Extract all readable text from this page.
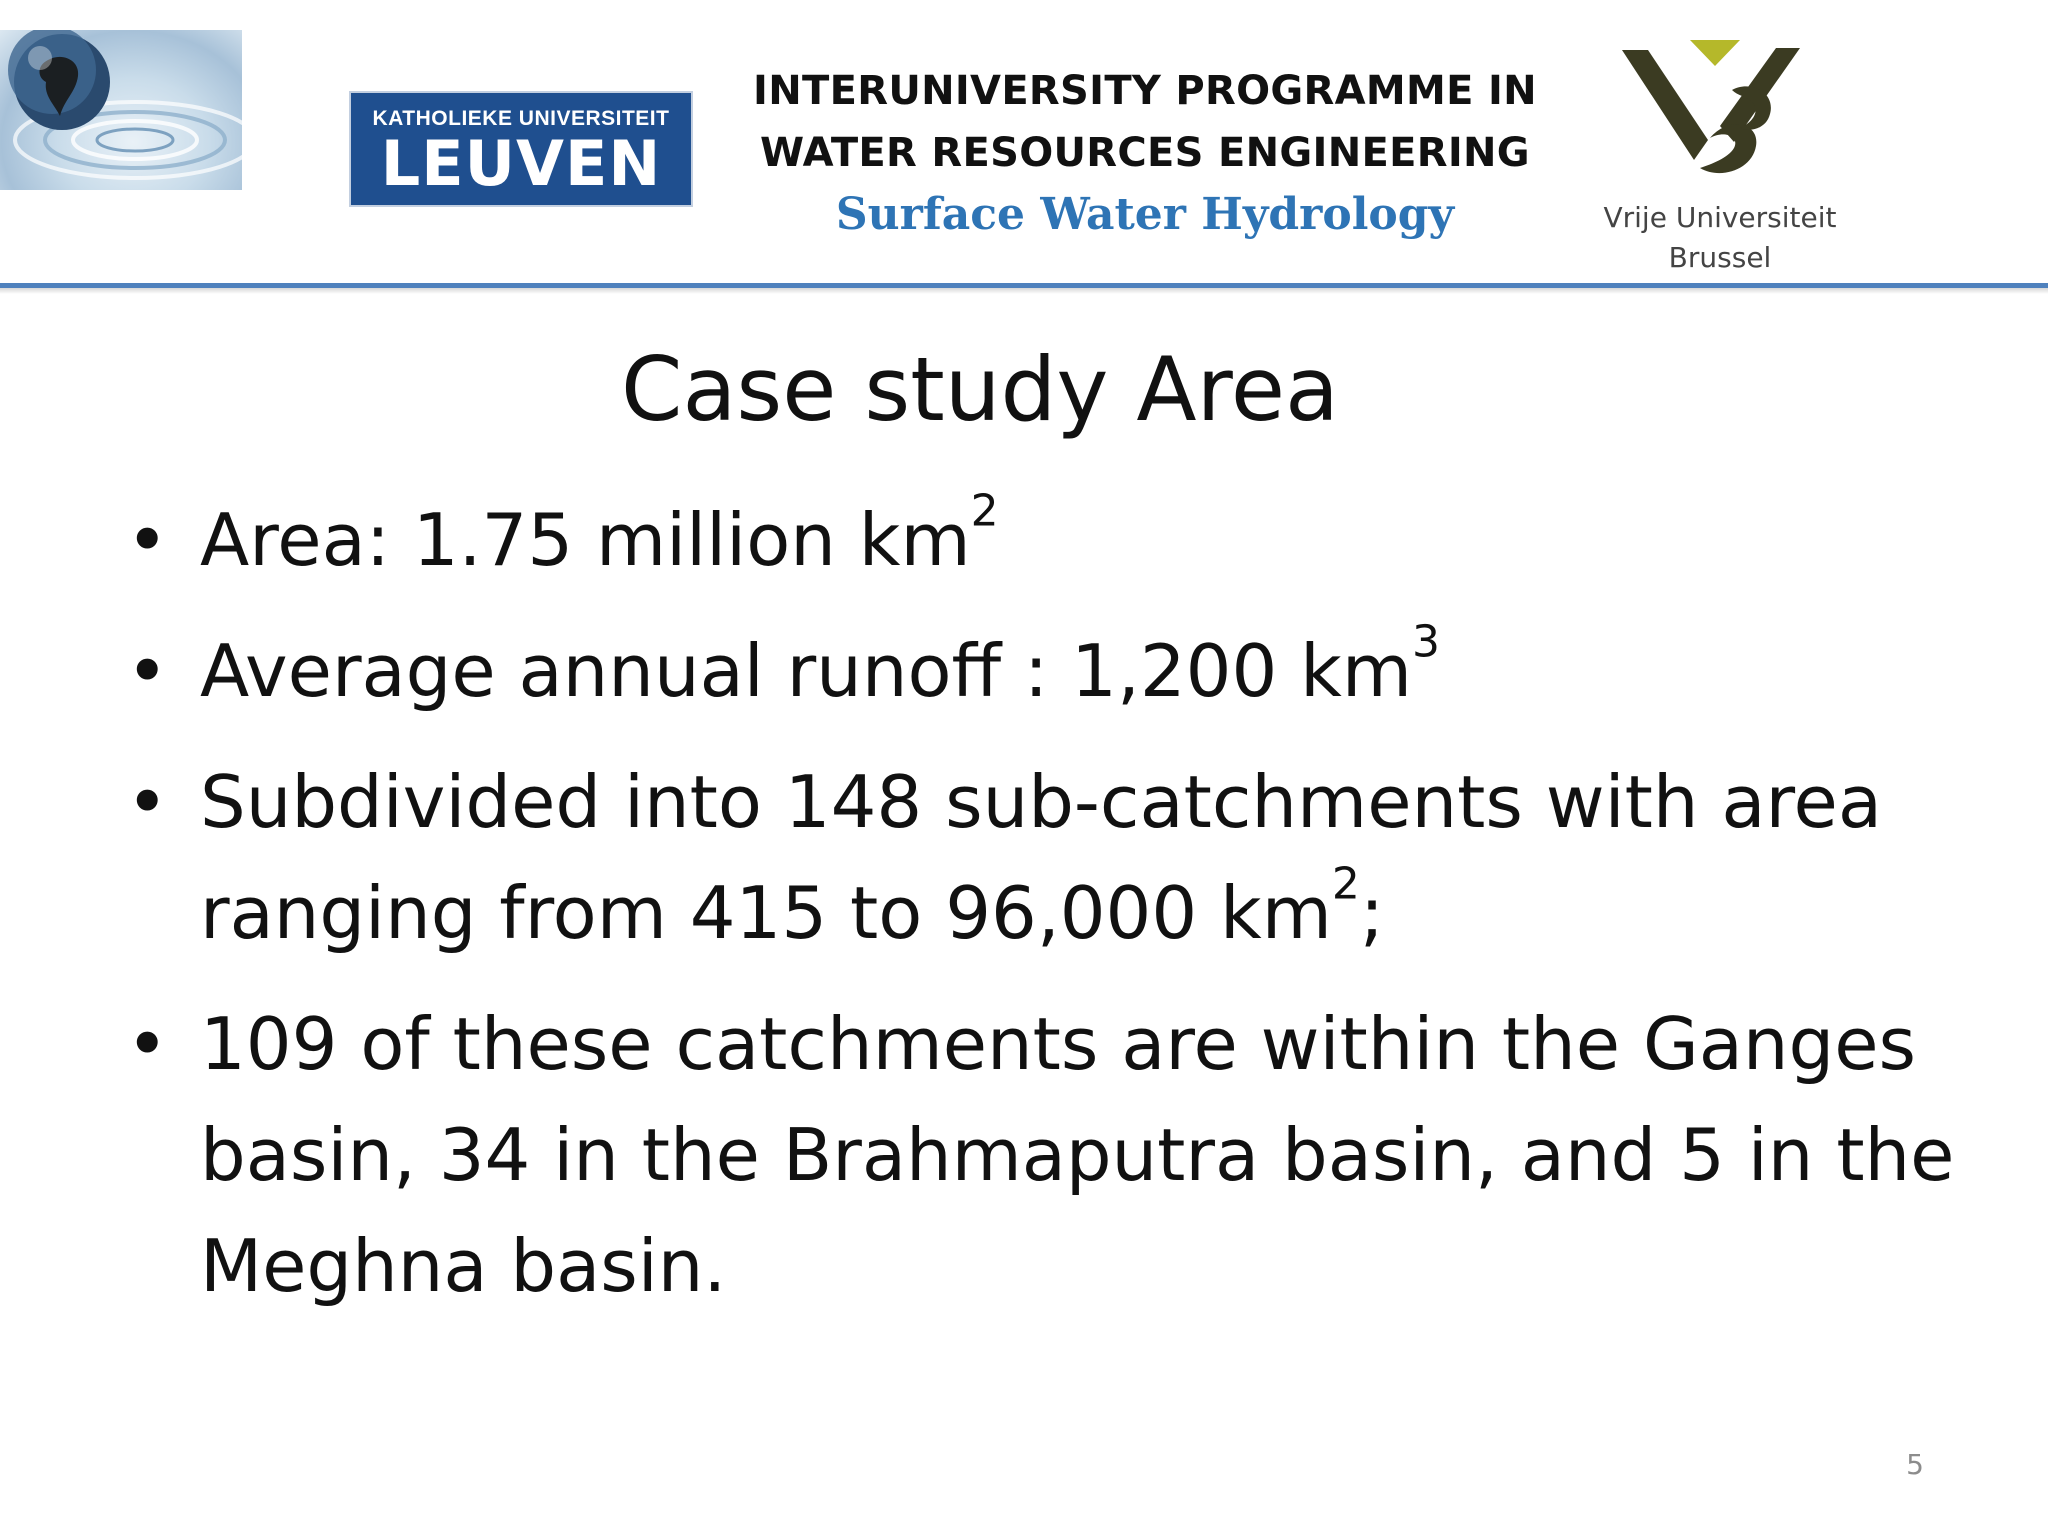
KATHOLIEKE UNIVERSITEIT
LEUVEN
INTERUNIVERSITY PROGRAMME IN
WATER RESOURCES ENGINEERING
Surface Water Hydrology	Vrije Universiteit
Brussel
Case study Area
• Area: 1.75 million $km^2$
• Average annual runoff : 1,200 $km^3$
• Subdivided into 148 sub-catchments with area ranging from 415 to 96,000 $km^2$;
• 109 of these catchments are within the Ganges basin, 34 in the Brahmaputra basin, and 5 in the Meghna basin.
5
